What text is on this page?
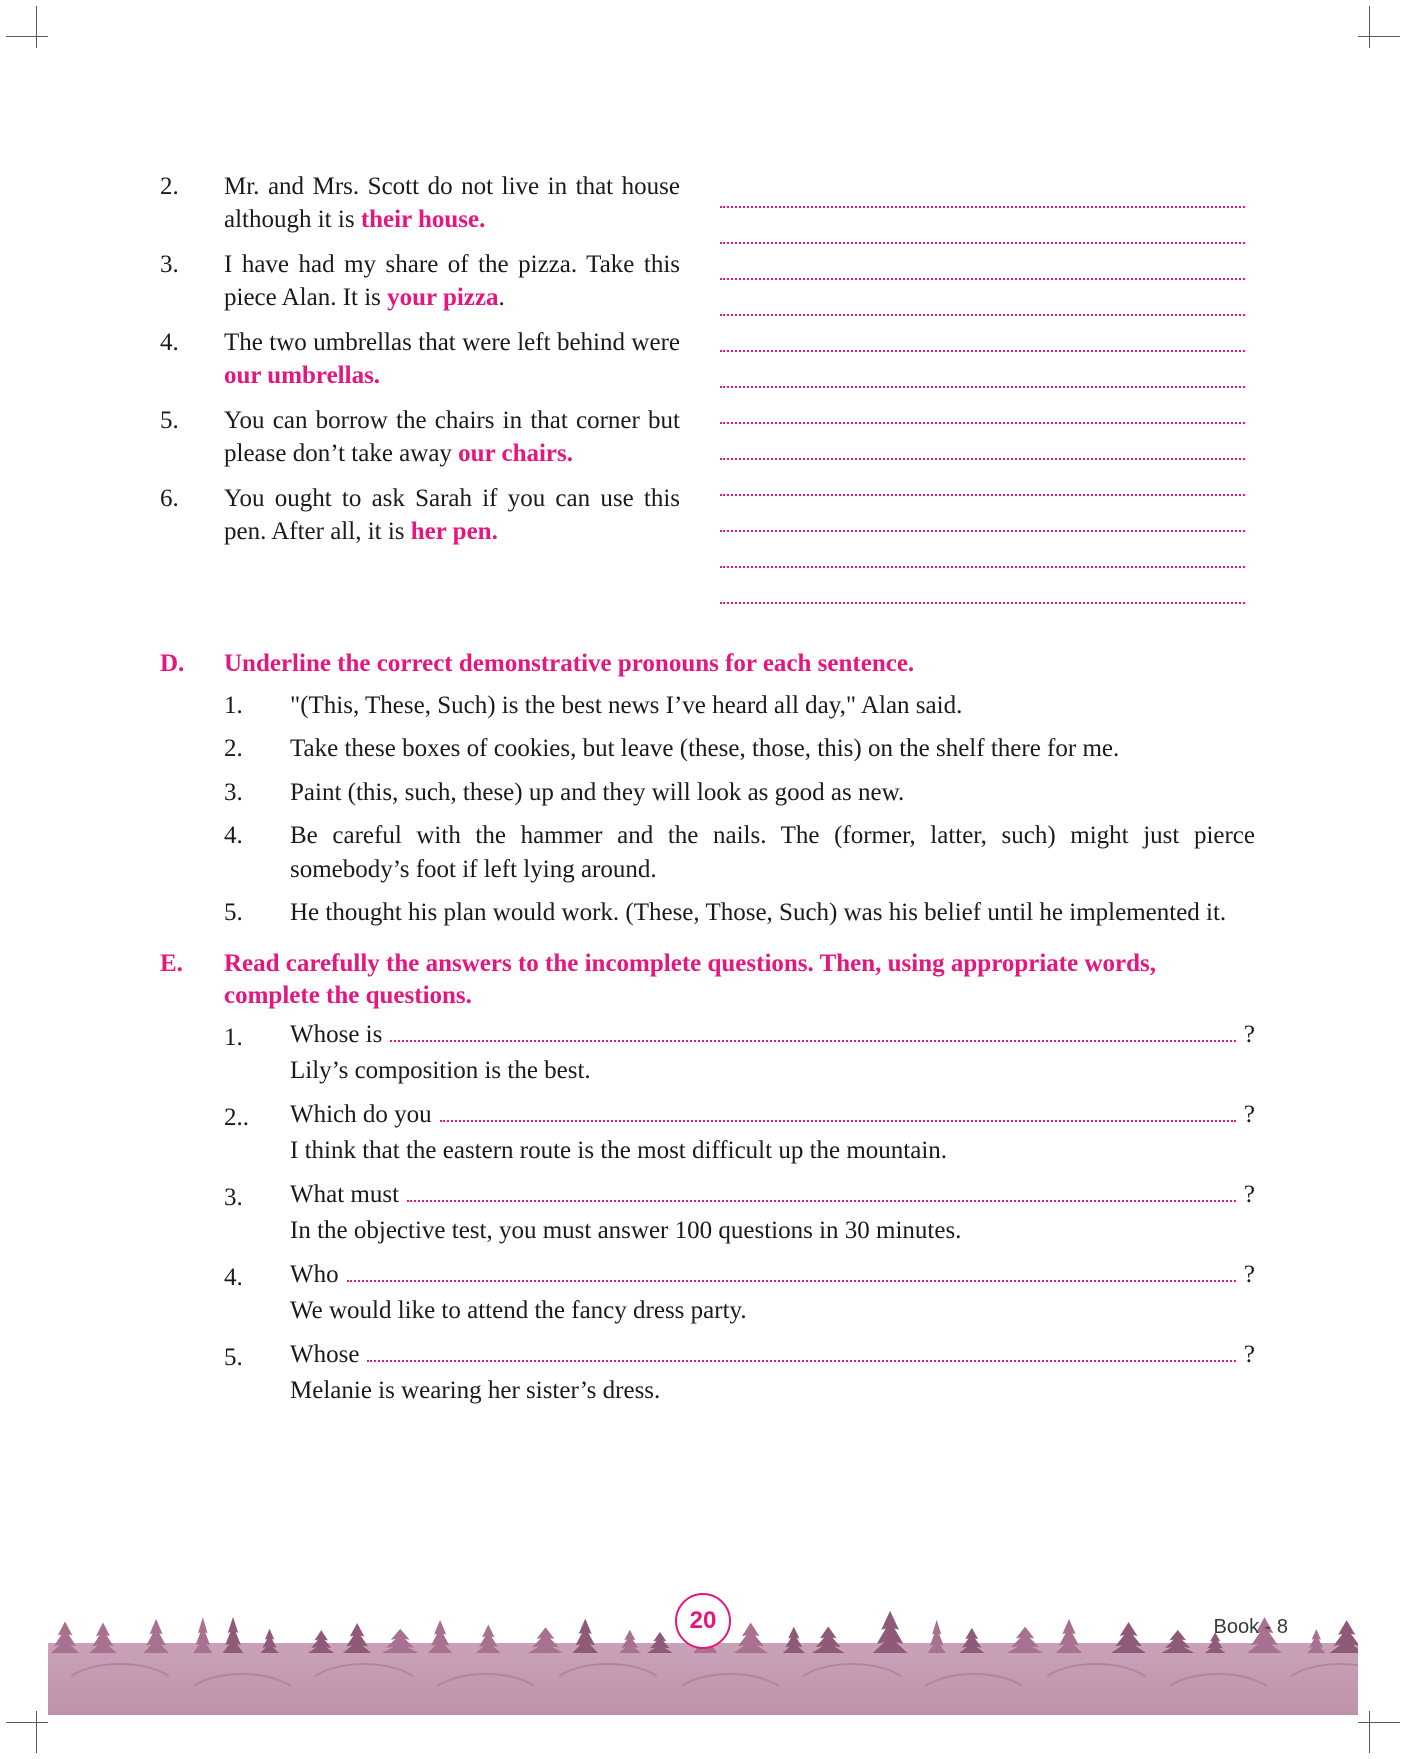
2.	Mr. and Mrs. Scott do not live in that house although it is their house.
3.	I have had my share of the pizza. Take this piece Alan. It is your pizza.
4.	The two umbrellas that were left behind were our umbrellas.
5.	You can borrow the chairs in that corner but please don’t take away our chairs.
6.	You ought to ask Sarah if you can use this pen. After all, it is her pen.
D.	Underline the correct demonstrative pronouns for each sentence.
1.	"(This, These, Such) is the best news I’ve heard all day," Alan said.
2.	Take these boxes of cookies, but leave (these, those, this) on the shelf there for me.
3.	Paint (this, such, these) up and they will look as good as new.
4.	Be careful with the hammer and the nails. The (former, latter, such) might just pierce somebody’s foot if left lying around.
5.	He thought his plan would work. (These, Those, Such) was his belief until he implemented it.
E.	Read carefully the answers to the incomplete questions. Then, using appropriate words, complete the questions.
1.	Whose is	?
Lily’s composition is the best.
2..	Which do you	?
I think that the eastern route is the most difficult up the mountain.
3.	What must	?
In the objective test, you must answer 100 questions in 30 minutes.
4.	Who	?
We would like to attend the fancy dress party.
5.	Whose	?
Melanie is wearing her sister’s dress.
20	Book - 8
